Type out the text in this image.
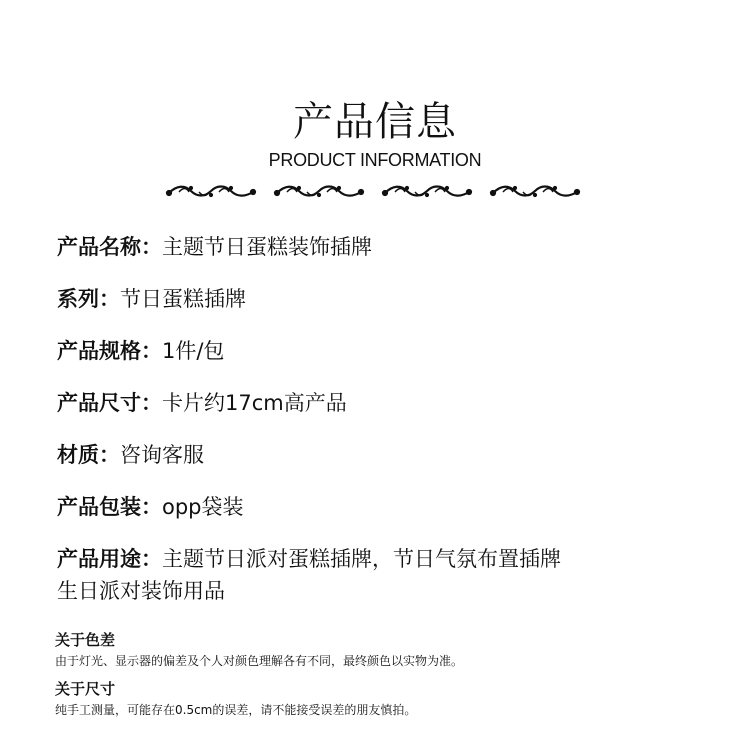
产品信息
PRODUCT INFORMATION
产品名称：主题节日蛋糕装饰插牌
系列：节日蛋糕插牌
产品规格：1件/包
产品尺寸：卡片约17cm高产品
材质：咨询客服
产品包装：opp袋装
产品用途：主题节日派对蛋糕插牌，节日气氛布置插牌
生日派对装饰用品
关于色差
由于灯光、显示器的偏差及个人对颜色理解各有不同，最终颜色以实物为准。
关于尺寸
纯手工测量，可能存在0.5cm的误差，请不能接受误差的朋友慎拍。
